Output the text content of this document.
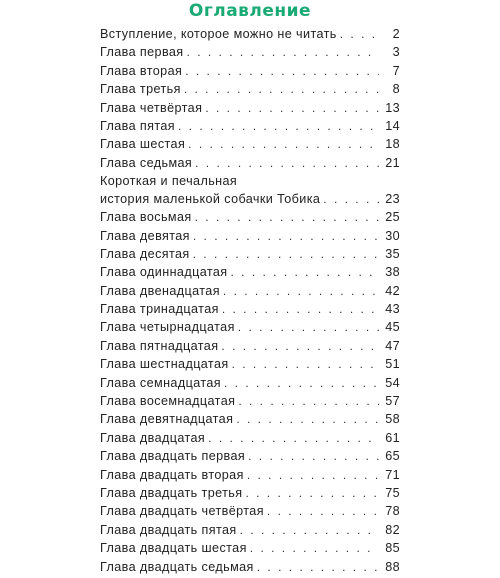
Оглавление
Вступление, которое можно не читать . . .	2
Глава первая . . .	3
Глава вторая . . .	7
Глава третья . . .	8
Глава четвёртая . . .	13
Глава пятая . . .	14
Глава шестая . . .	18
Глава седьмая . . .	21
Короткая и печальная
история маленькой собачки Тобика . . .	23
Глава восьмая . . .	25
Глава девятая . . .	30
Глава десятая . . .	35
Глава одиннадцатая . . .	38
Глава двенадцатая . . .	42
Глава тринадцатая . . .	43
Глава четырнадцатая . . .	45
Глава пятнадцатая . . .	47
Глава шестнадцатая . . .	51
Глава семнадцатая . . .	54
Глава восемнадцатая . . .	57
Глава девятнадцатая . . .	58
Глава двадцатая . . .	61
Глава двадцать первая . . .	65
Глава двадцать вторая . . .	71
Глава двадцать третья . . .	75
Глава двадцать четвёртая . . .	78
Глава двадцать пятая . . .	82
Глава двадцать шестая . . .	85
Глава двадцать седьмая . . .	88
